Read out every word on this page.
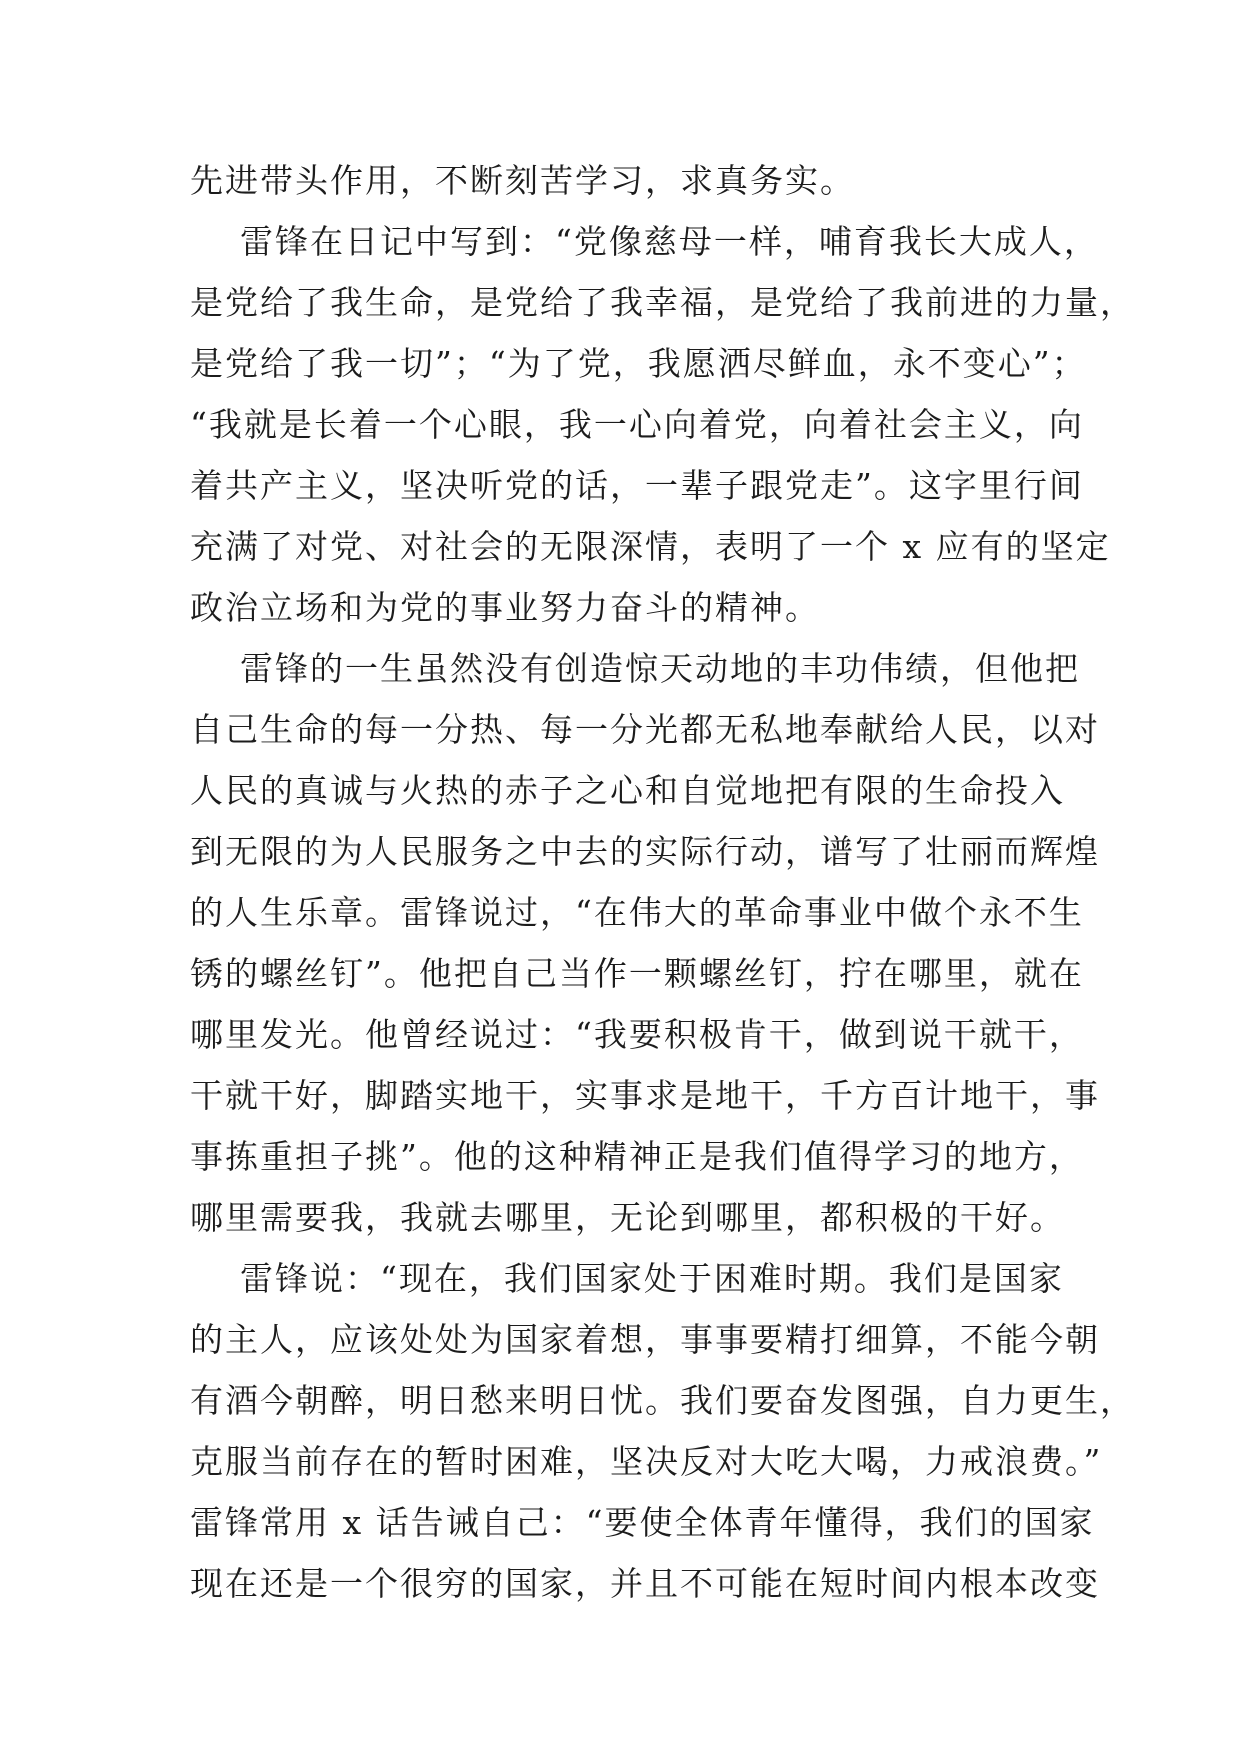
先进带头作用，不断刻苦学习，求真务实。
雷锋在日记中写到：“党像慈母一样，哺育我长大成人，
是党给了我生命，是党给了我幸福，是党给了我前进的力量，
是党给了我一切”；“为了党，我愿洒尽鲜血，永不变心”；
“我就是长着一个心眼，我一心向着党，向着社会主义，向
着共产主义，坚决听党的话，一辈子跟党走”。这字里行间
充满了对党、对社会的无限深情，表明了一个 x 应有的坚定
政治立场和为党的事业努力奋斗的精神。
雷锋的一生虽然没有创造惊天动地的丰功伟绩，但他把
自己生命的每一分热、每一分光都无私地奉献给人民，以对
人民的真诚与火热的赤子之心和自觉地把有限的生命投入
到无限的为人民服务之中去的实际行动，谱写了壮丽而辉煌
的人生乐章。雷锋说过，“在伟大的革命事业中做个永不生
锈的螺丝钉”。他把自己当作一颗螺丝钉，拧在哪里，就在
哪里发光。他曾经说过：“我要积极肯干，做到说干就干，
干就干好，脚踏实地干，实事求是地干，千方百计地干，事
事拣重担子挑”。他的这种精神正是我们值得学习的地方，
哪里需要我，我就去哪里，无论到哪里，都积极的干好。
雷锋说：“现在，我们国家处于困难时期。我们是国家
的主人，应该处处为国家着想，事事要精打细算，不能今朝
有酒今朝醉，明日愁来明日忧。我们要奋发图强，自力更生，
克服当前存在的暂时困难，坚决反对大吃大喝，力戒浪费。”
雷锋常用 x 话告诫自己：“要使全体青年懂得，我们的国家
现在还是一个很穷的国家，并且不可能在短时间内根本改变
